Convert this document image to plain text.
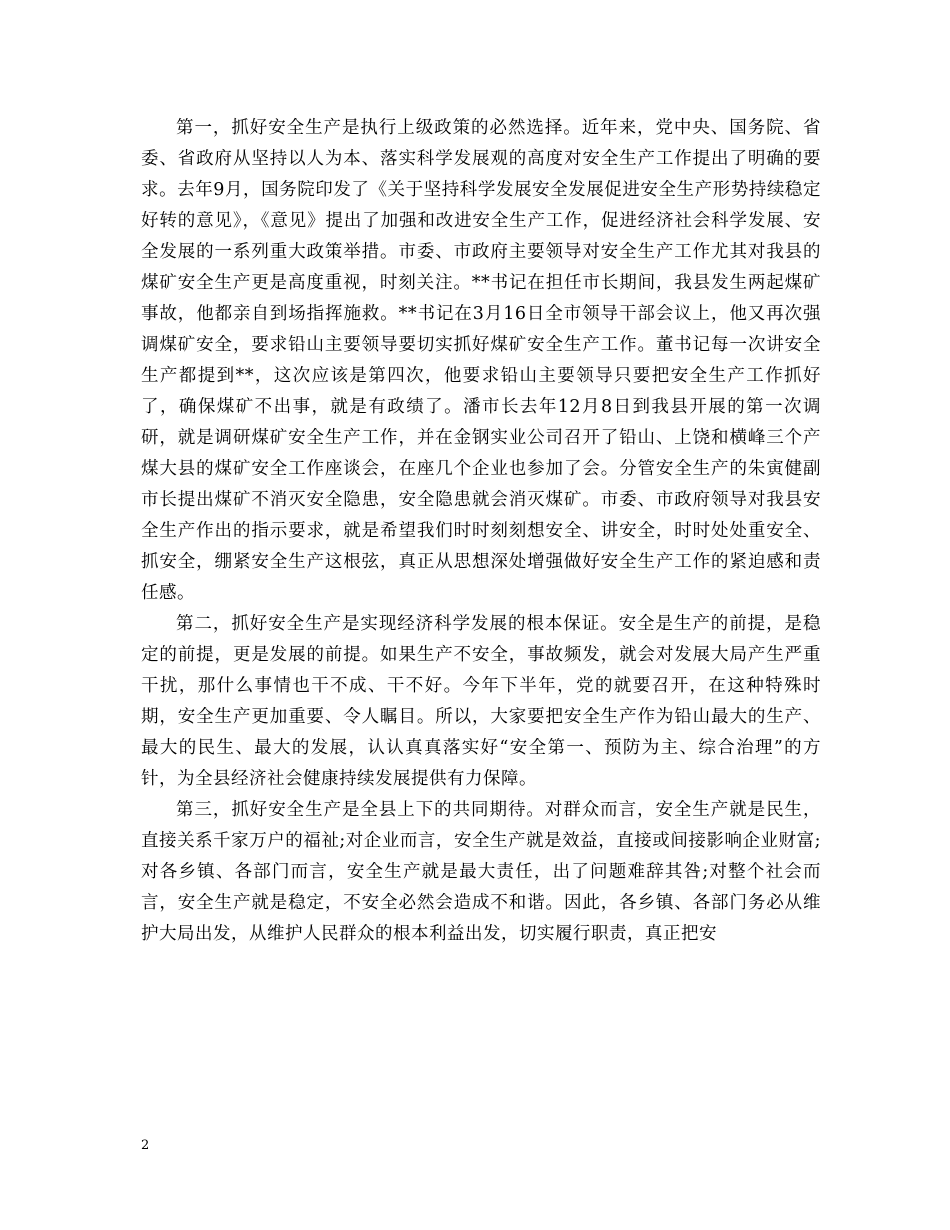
第一，抓好安全生产是执行上级政策的必然选择。近年来，党中央、国务院、省委、省政府从坚持以人为本、落实科学发展观的高度对安全生产工作提出了明确的要求。去年9月，国务院印发了《关于坚持科学发展安全发展促进安全生产形势持续稳定好转的意见》，《意见》提出了加强和改进安全生产工作，促进经济社会科学发展、安全发展的一系列重大政策举措。市委、市政府主要领导对安全生产工作尤其对我县的煤矿安全生产更是高度重视，时刻关注。**书记在担任市长期间，我县发生两起煤矿事故，他都亲自到场指挥施救。**书记在3月16日全市领导干部会议上，他又再次强调煤矿安全，要求铅山主要领导要切实抓好煤矿安全生产工作。董书记每一次讲安全生产都提到**，这次应该是第四次，他要求铅山主要领导只要把安全生产工作抓好了，确保煤矿不出事，就是有政绩了。潘市长去年12月8日到我县开展的第一次调研，就是调研煤矿安全生产工作，并在金钢实业公司召开了铅山、上饶和横峰三个产煤大县的煤矿安全工作座谈会，在座几个企业也参加了会。分管安全生产的朱寅健副市长提出煤矿不消灭安全隐患，安全隐患就会消灭煤矿。市委、市政府领导对我县安全生产作出的指示要求，就是希望我们时时刻刻想安全、讲安全，时时处处重安全、抓安全，绷紧安全生产这根弦，真正从思想深处增强做好安全生产工作的紧迫感和责任感。

第二，抓好安全生产是实现经济科学发展的根本保证。安全是生产的前提，是稳定的前提，更是发展的前提。如果生产不安全，事故频发，就会对发展大局产生严重干扰，那什么事情也干不成、干不好。今年下半年，党的就要召开，在这种特殊时期，安全生产更加重要、令人瞩目。所以，大家要把安全生产作为铅山最大的生产、最大的民生、最大的发展，认认真真落实好“安全第一、预防为主、综合治理”的方针，为全县经济社会健康持续发展提供有力保障。

第三，抓好安全生产是全县上下的共同期待。对群众而言，安全生产就是民生，直接关系千家万户的福祉;对企业而言，安全生产就是效益，直接或间接影响企业财富;对各乡镇、各部门而言，安全生产就是最大责任，出了问题难辞其咎;对整个社会而言，安全生产就是稳定，不安全必然会造成不和谐。因此，各乡镇、各部门务必从维护大局出发，从维护人民群众的根本利益出发，切实履行职责，真正把安

2
